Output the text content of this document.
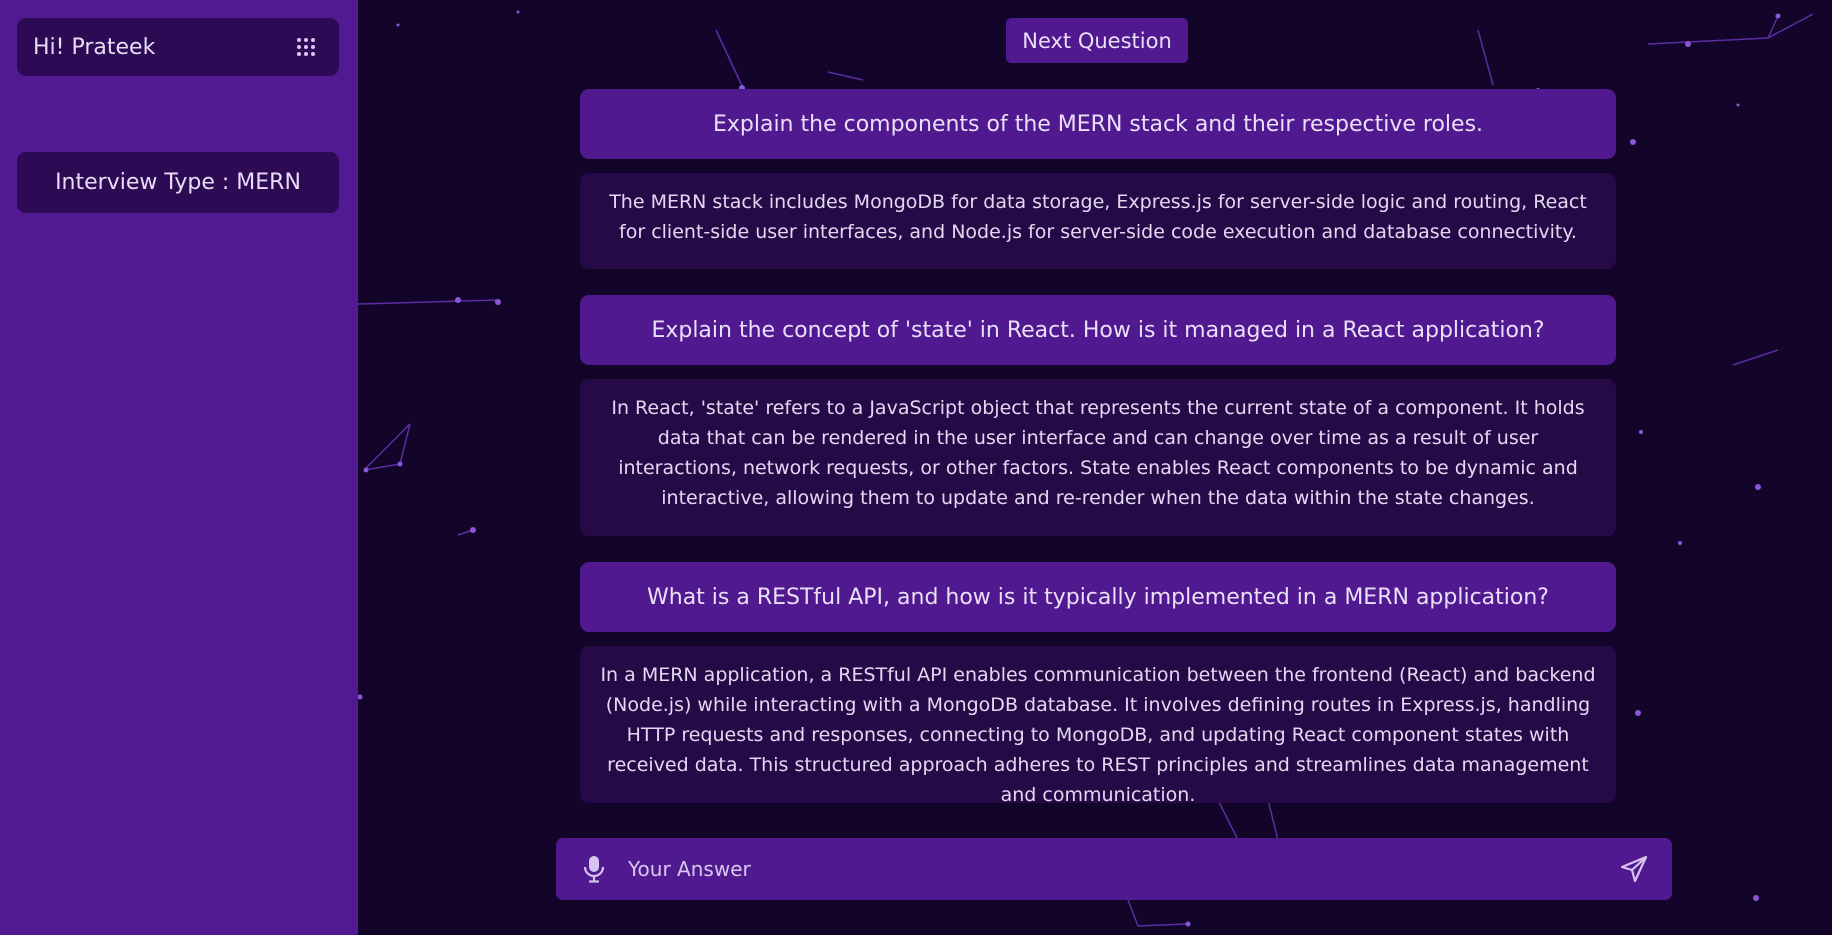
Hi! Prateek
Interview Type : MERN
Next Question
Explain the components of the MERN stack and their respective roles.
The MERN stack includes MongoDB for data storage, Express.js for server-side logic and routing, React for client-side user interfaces, and Node.js for server-side code execution and database connectivity.
Explain the concept of 'state' in React. How is it managed in a React application?
In React, 'state' refers to a JavaScript object that represents the current state of a component. It holds data that can be rendered in the user interface and can change over time as a result of user interactions, network requests, or other factors. State enables React components to be dynamic and interactive, allowing them to update and re-render when the data within the state changes.
What is a RESTful API, and how is it typically implemented in a MERN application?
In a MERN application, a RESTful API enables communication between the frontend (React) and backend (Node.js) while interacting with a MongoDB database. It involves defining routes in Express.js, handling HTTP requests and responses, connecting to MongoDB, and updating React component states with received data. This structured approach adheres to REST principles and streamlines data management and communication.
Your Answer
